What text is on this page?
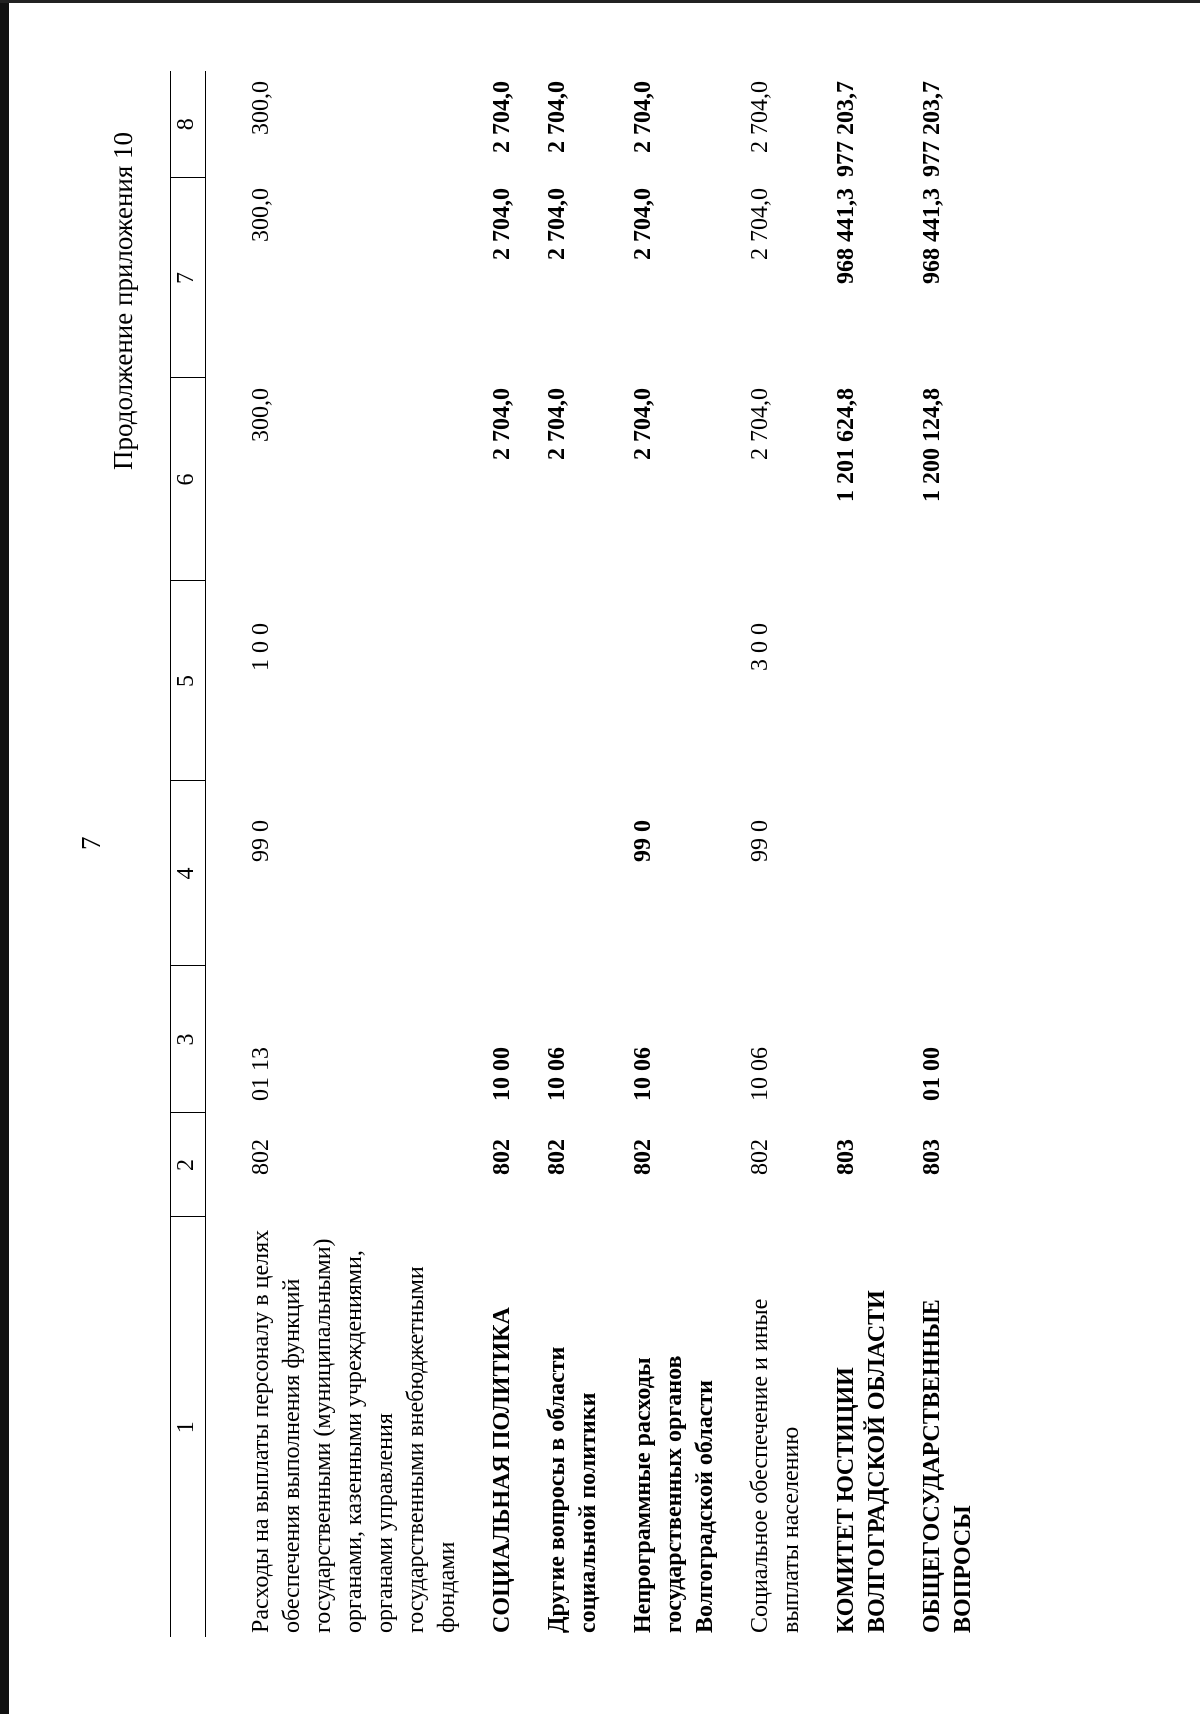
7
Продолжение приложения 10
1	2	3	4	5	6	7	8
Расходы на выплаты персоналу в целях обеспечения выполнения функций государственными (муниципальными) органами, казенными учреждениями, органами управления государственными внебюджетными фондами	802	01 13	99 0	1 0 0	300,0	300,0	300,0
СОЦИАЛЬНАЯ ПОЛИТИКА	802	10 00			2 704,0	2 704,0	2 704,0
Другие вопросы в области социальной политики	802	10 06			2 704,0	2 704,0	2 704,0
Непрограммные расходы государственных органов Волгоградской области	802	10 06	99 0		2 704,0	2 704,0	2 704,0
Социальное обеспечение и иные выплаты населению	802	10 06	99 0	3 0 0	2 704,0	2 704,0	2 704,0
КОМИТЕТ ЮСТИЦИИ ВОЛГОГРАДСКОЙ ОБЛАСТИ	803				1 201 624,8	968 441,3	977 203,7
ОБЩЕГОСУДАРСТВЕННЫЕ ВОПРОСЫ	803	01 00			1 200 124,8	968 441,3	977 203,7
